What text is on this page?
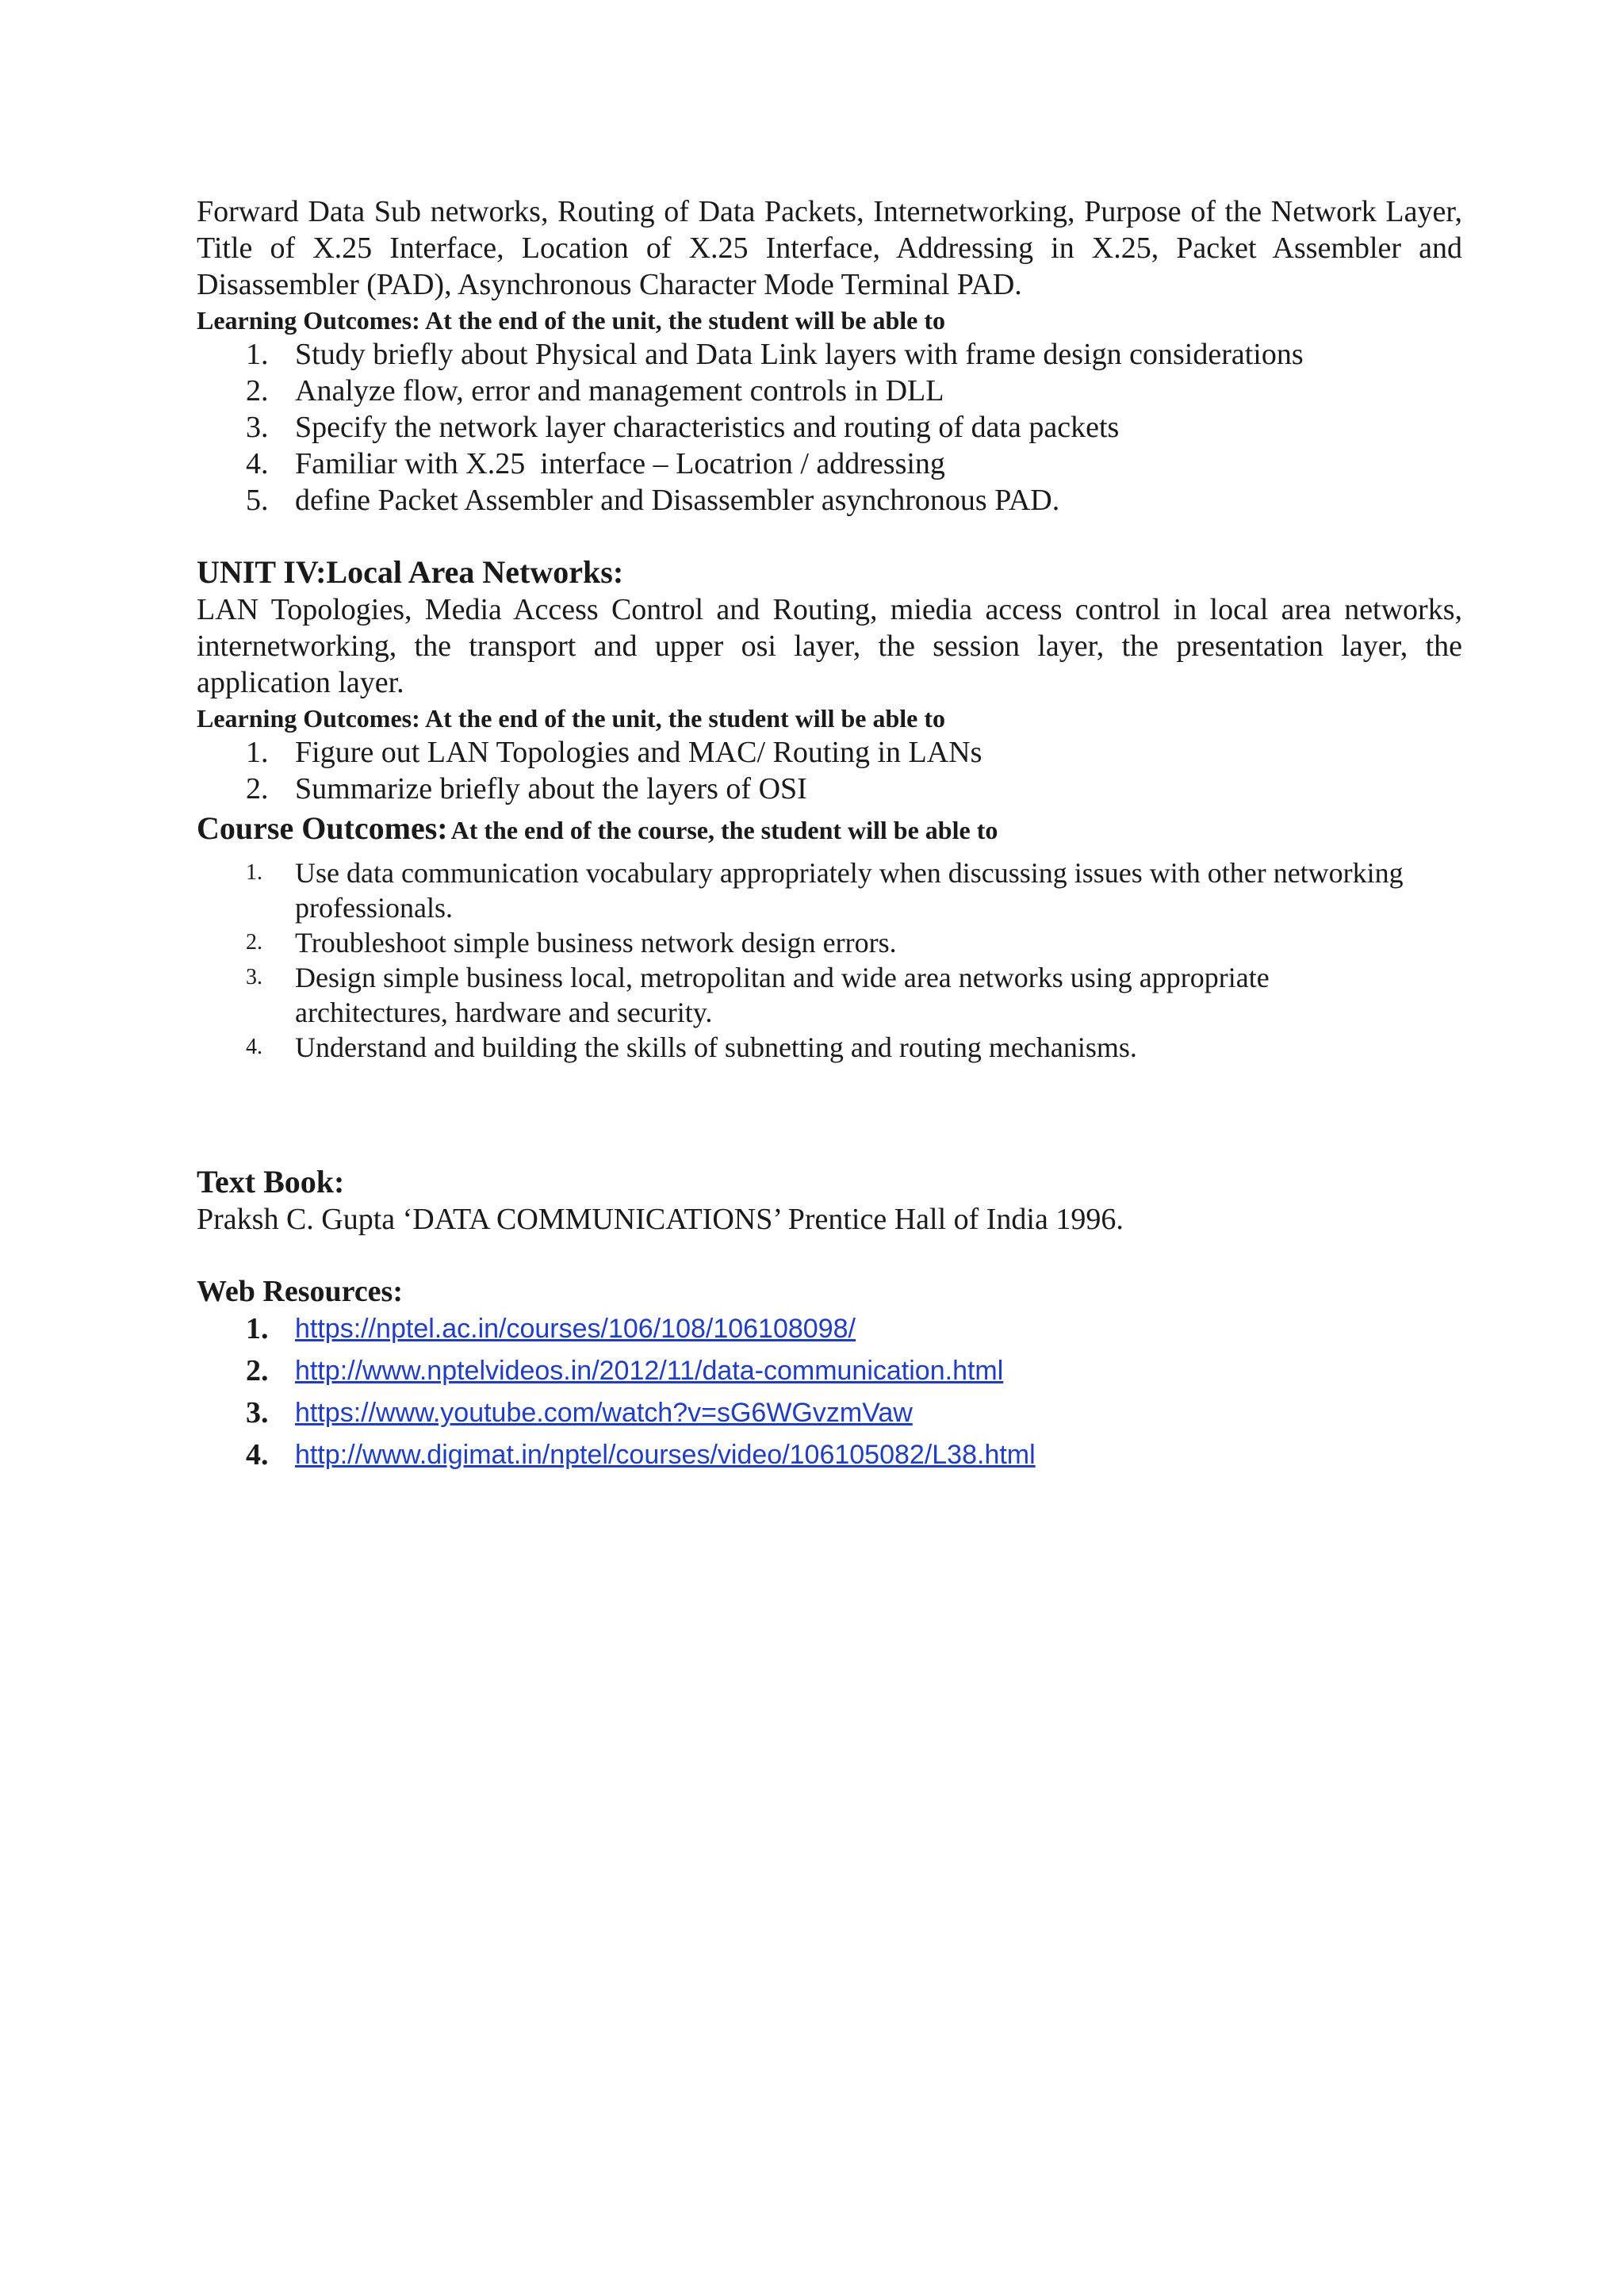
Forward Data Sub networks, Routing of Data Packets, Internetworking, Purpose of the Network Layer, Title of X.25 Interface, Location of X.25 Interface, Addressing in X.25, Packet Assembler and Disassembler (PAD), Asynchronous Character Mode Terminal PAD.

Learning Outcomes: At the end of the unit, the student will be able to
1. Study briefly about Physical and Data Link layers with frame design considerations
2. Analyze flow, error and management controls in DLL
3. Specify the network layer characteristics and routing of data packets
4. Familiar with X.25  interface – Locatrion / addressing
5. define Packet Assembler and Disassembler asynchronous PAD.
UNIT IV:Local Area Networks:

LAN Topologies, Media Access Control and Routing, miedia access control in local area networks, internetworking, the transport and upper osi layer, the session layer, the presentation layer, the application layer.

Learning Outcomes: At the end of the unit, the student will be able to
1. Figure out LAN Topologies and MAC/ Routing in LANs
2. Summarize briefly about the layers of OSI
Course Outcomes: At the end of the course, the student will be able to
1. Use data communication vocabulary appropriately when discussing issues with other networking professionals.
2. Troubleshoot simple business network design errors.
3. Design simple business local, metropolitan and wide area networks using appropriate architectures, hardware and security.
4. Understand and building the skills of subnetting and routing mechanisms.
Text Book:

Praksh C. Gupta ‘DATA COMMUNICATIONS’ Prentice Hall of India 1996.

Web Resources:
1. https://nptel.ac.in/courses/106/108/106108098/
2. http://www.nptelvideos.in/2012/11/data-communication.html
3. https://www.youtube.com/watch?v=sG6WGvzmVaw
4. http://www.digimat.in/nptel/courses/video/106105082/L38.html
